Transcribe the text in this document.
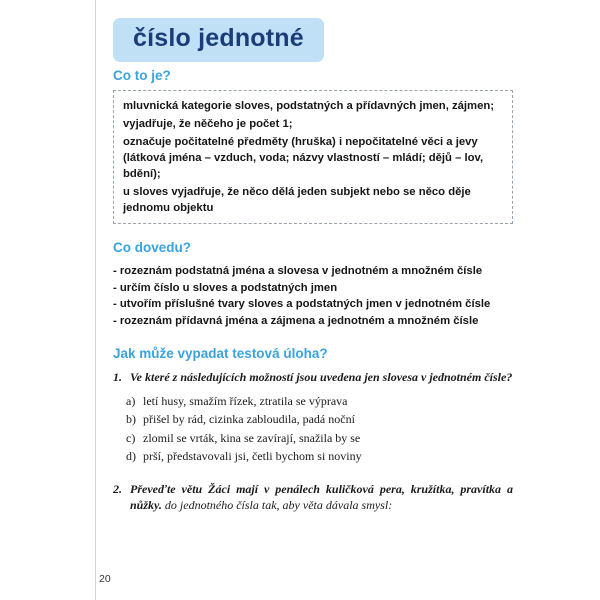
číslo jednotné
Co to je?

mluvnická kategorie sloves, podstatných a přídavných jmen, zájmen;

vyjadřuje, že něčeho je počet 1;

označuje počitatelné předměty (hruška) i nepočitatelné věci a jevy (látková jména – vzduch, voda; názvy vlastností – mládí; dějů – lov, bdění);

u sloves vyjadřuje, že něco dělá jeden subjekt nebo se něco děje jednomu objektu

Co dovedu?
- rozeznám podstatná jména a slovesa v jednotném a množném čísle
- určím číslo u sloves a podstatných jmen
- utvořím příslušné tvary sloves a podstatných jmen v jednotném čísle
- rozeznám přídavná jména a zájmena a jednotném a množném čísle
Jak může vypadat testová úloha?
1. Ve které z následujících možností jsou uvedena jen slovesa v jednotném čísle?
a) letí husy, smažím řízek, ztratila se výprava
b) přišel by rád, cizinka zabloudila, padá noční
c) zlomil se vrták, kina se zavírají, snažila by se
d) prší, představovali jsi, četli bychom si noviny
2. Převeďte větu Žáci mají v penálech kuličková pera, kružítka, pravítka a nůžky. do jednotného čísla tak, aby věta dávala smysl:
20
